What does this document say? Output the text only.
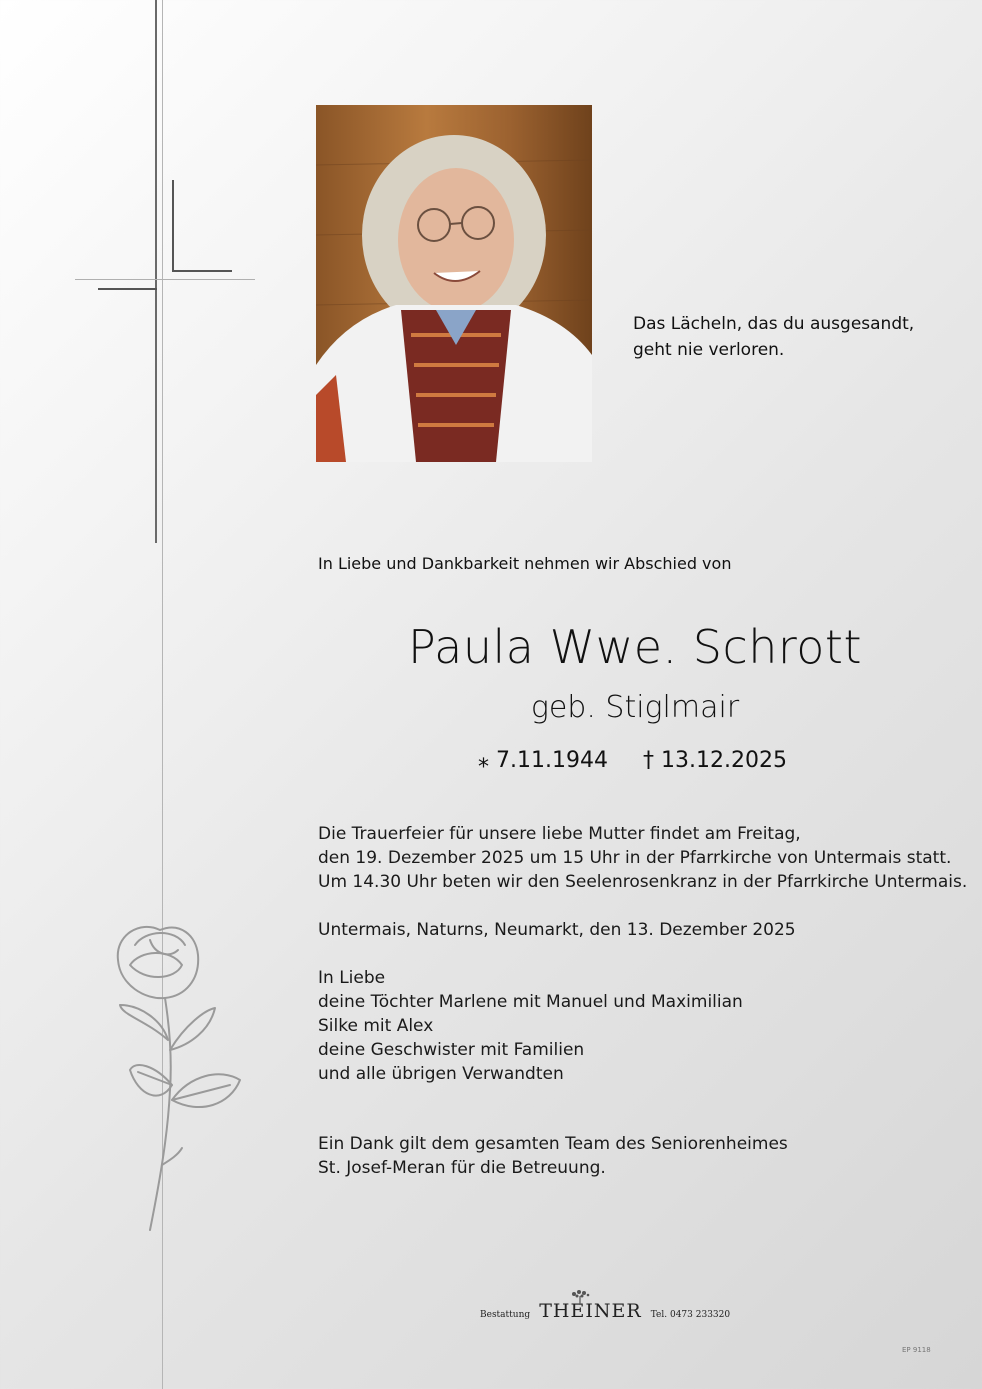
Das Lächeln, das du ausgesandt,
geht nie verloren.
In Liebe und Dankbarkeit nehmen wir Abschied von
Paula Wwe. Schrott
geb. Stiglmair
⁎ 7.11.1944 † 13.12.2025
Die Trauerfeier für unsere liebe Mutter findet am Freitag,
den 19. Dezember 2025 um 15 Uhr in der Pfarrkirche von Untermais statt.
Um 14.30 Uhr beten wir den Seelenrosenkranz in der Pfarrkirche Untermais.
Untermais, Naturns, Neumarkt, den 13. Dezember 2025
In Liebe
deine Töchter Marlene mit Manuel und Maximilian
Silke mit Alex
deine Geschwister mit Familien
und alle übrigen Verwandten
Ein Dank gilt dem gesamten Team des Seniorenheimes
St. Josef-Meran für die Betreuung.
Bestattung THEINER Tel. 0473 233320
EP 9118
